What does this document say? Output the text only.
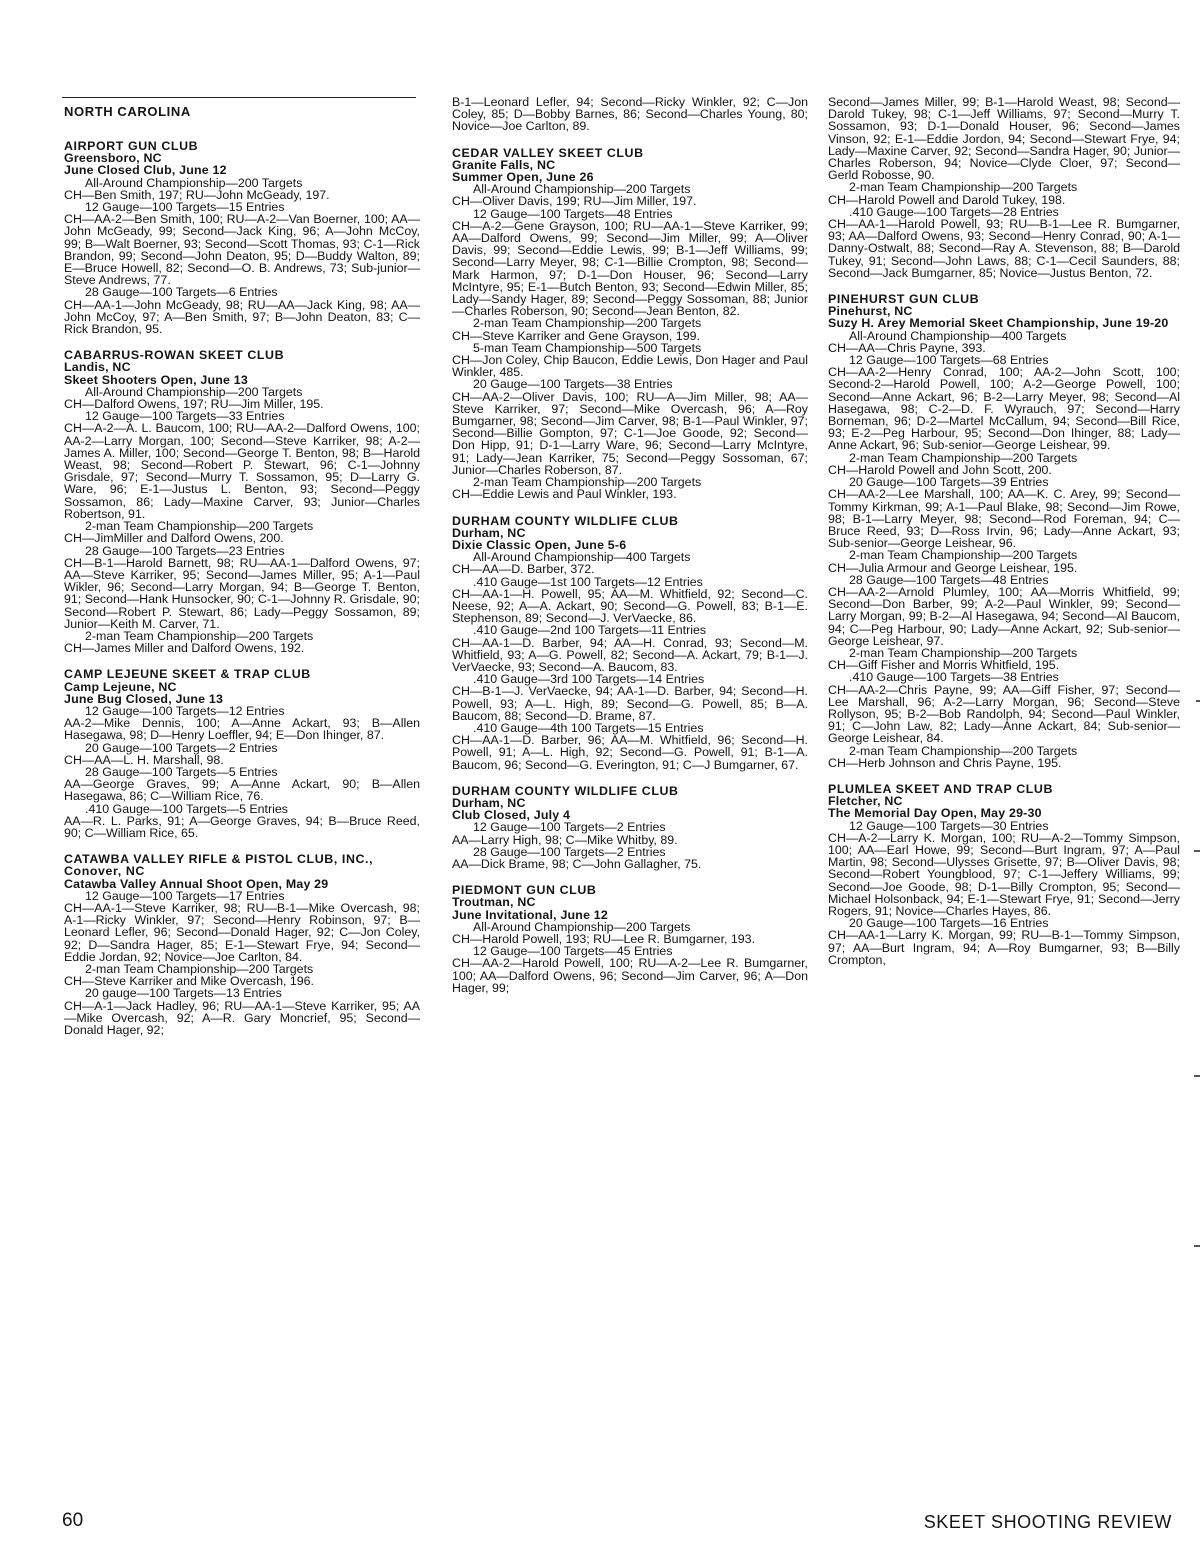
NORTH CAROLINA
AIRPORT GUN CLUB
Greensboro, NC
June Closed Club, June 12
All-Around Championship—200 Targets
CH—Ben Smith, 197; RU—John McGeady, 197.
12 Gauge—100 Targets—15 Entries
CH—AA-2—Ben Smith, 100; RU—A-2—Van Boerner, 100; AA—John McGeady, 99; Second—Jack King, 96; A—John McCoy, 99; B—Walt Boerner, 93; Second—Scott Thomas, 93; C-1—Rick Brandon, 99; Second—John Deaton, 95; D—Buddy Walton, 89; E—Bruce Howell, 82; Second—O. B. Andrews, 73; Sub-junior—Steve Andrews, 77.
28 Gauge—100 Targets—6 Entries
CH—AA-1—John McGeady, 98; RU—AA—Jack King, 98; AA—John McCoy, 97; A—Ben Smith, 97; B—John Deaton, 83; C—Rick Brandon, 95.
CABARRUS-ROWAN SKEET CLUB
Landis, NC
Skeet Shooters Open, June 13
All-Around Championship—200 Targets
CH—Dalford Owens, 197; RU—Jim Miller, 195.
12 Gauge—100 Targets—33 Entries
CH—A-2—A. L. Baucom, 100; RU—AA-2—Dalford Owens, 100; AA-2—Larry Morgan, 100; Second—Steve Karriker, 98; A-2—James A. Miller, 100; Second—George T. Benton, 98; B—Harold Weast, 98; Second—Robert P. Stewart, 96; C-1—Johnny Grisdale, 97; Second—Murry T. Sossamon, 95; D—Larry G. Ware, 96; E-1—Justus L. Benton, 93; Second—Peggy Sossamon, 86; Lady—Maxine Carver, 93; Junior—Charles Robertson, 91.
2-man Team Championship—200 Targets
CH—JimMiller and Dalford Owens, 200.
28 Gauge—100 Targets—23 Entries
CH—B-1—Harold Barnett, 98; RU—AA-1—Dalford Owens, 97; AA—Steve Karriker, 95; Second—James Miller, 95; A-1—Paul Wikler, 96; Second—Larry Morgan, 94; B—George T. Benton, 91; Second—Hank Hunsocker, 90; C-1—Johnny R. Grisdale, 90; Second—Robert P. Stewart, 86; Lady—Peggy Sossamon, 89; Junior—Keith M. Carver, 71.
2-man Team Championship—200 Targets
CH—James Miller and Dalford Owens, 192.
CAMP LEJEUNE SKEET & TRAP CLUB
Camp Lejeune, NC
June Bug Closed, June 13
12 Gauge—100 Targets—12 Entries
AA-2—Mike Dennis, 100; A—Anne Ackart, 93; B—Allen Hasegawa, 98; D—Henry Loeffler, 94; E—Don Ihinger, 87.
20 Gauge—100 Targets—2 Entries
CH—AA—L. H. Marshall, 98.
28 Gauge—100 Targets—5 Entries
AA—George Graves, 99; A—Anne Ackart, 90; B—Allen Hasegawa, 86; C—William Rice, 76.
.410 Gauge—100 Targets—5 Entries
AA—R. L. Parks, 91; A—George Graves, 94; B—Bruce Reed, 90; C—William Rice, 65.
CATAWBA VALLEY RIFLE & PISTOL CLUB, INC., Conover, NC
Catawba Valley Annual Shoot Open, May 29
12 Gauge—100 Targets—17 Entries
CH—AA-1—Steve Karriker, 98; RU—B-1—Mike Overcash, 98; A-1—Ricky Winkler, 97; Second—Henry Robinson, 97; B—Leonard Lefler, 96; Second—Donald Hager, 92; C—Jon Coley, 92; D—Sandra Hager, 85; E-1—Stewart Frye, 94; Second—Eddie Jordan, 92; Novice—Joe Carlton, 84.
2-man Team Championship—200 Targets
CH—Steve Karriker and Mike Overcash, 196.
20 gauge—100 Targets—13 Entries
CH—A-1—Jack Hadley, 96; RU—AA-1—Steve Karriker, 95; AA—Mike Overcash, 92; A—R. Gary Moncrief, 95; Second—Donald Hager, 92;
B-1—Leonard Lefler, 94; Second—Ricky Winkler, 92; C—Jon Coley, 85; D—Bobby Barnes, 86; Second—Charles Young, 80; Novice—Joe Carlton, 89.
CEDAR VALLEY SKEET CLUB
Granite Falls, NC
Summer Open, June 26
All-Around Championship—200 Targets
CH—Oliver Davis, 199; RU—Jim Miller, 197.
12 Gauge—100 Targets—48 Entries
CH—A-2—Gene Grayson, 100; RU—AA-1—Steve Karriker, 99; AA—Dalford Owens, 99; Second—Jim Miller, 99; A—Oliver Davis, 99; Second—Eddie Lewis, 99; B-1—Jeff Williams, 99; Second—Larry Meyer, 98; C-1—Billie Crompton, 98; Second—Mark Harmon, 97; D-1—Don Houser, 96; Second—Larry McIntyre, 95; E-1—Butch Benton, 93; Second—Edwin Miller, 85; Lady—Sandy Hager, 89; Second—Peggy Sossoman, 88; Junior—Charles Roberson, 90; Second—Jean Benton, 82.
2-man Team Championship—200 Targets
CH—Steve Karriker and Gene Grayson, 199.
5-man Team Championship—500 Targets
CH—Jon Coley, Chip Baucon, Eddie Lewis, Don Hager and Paul Winkler, 485.
20 Gauge—100 Targets—38 Entries
CH—AA-2—Oliver Davis, 100; RU—A—Jim Miller, 98; AA—Steve Karriker, 97; Second—Mike Overcash, 96; A—Roy Bumgarner, 98; Second—Jim Carver, 98; B-1—Paul Winkler, 97; Second—Billie Gompton, 97; C-1—Joe Goode, 92; Second—Don Hipp, 91; D-1—Larry Ware, 96; Second—Larry McIntyre, 91; Lady—Jean Karriker, 75; Second—Peggy Sossoman, 67; Junior—Charles Roberson, 87.
2-man Team Championship—200 Targets
CH—Eddie Lewis and Paul Winkler, 193.
DURHAM COUNTY WILDLIFE CLUB
Durham, NC
Dixie Classic Open, June 5-6
All-Around Championship—400 Targets
CH—AA—D. Barber, 372.
.410 Gauge—1st 100 Targets—12 Entries
CH—AA-1—H. Powell, 95; AA—M. Whitfield, 92; Second—C. Neese, 92; A—A. Ackart, 90; Second—G. Powell, 83; B-1—E. Stephenson, 89; Second—J. VerVaecke, 86.
.410 Gauge—2nd 100 Targets—11 Entries
CH—AA-1—D. Barber, 94; AA—H. Conrad, 93; Second—M. Whitfield, 93; A—G. Powell, 82; Second—A. Ackart, 79; B-1—J. VerVaecke, 93; Second—A. Baucom, 83.
.410 Gauge—3rd 100 Targets—14 Entries
CH—B-1—J. VerVaecke, 94; AA-1—D. Barber, 94; Second—H. Powell, 93; A—L. High, 89; Second—G. Powell, 85; B—A. Baucom, 88; Second—D. Brame, 87.
.410 Gauge—4th 100 Targets—15 Entries
CH—AA-1—D. Barber, 96; AA—M. Whitfield, 96; Second—H. Powell, 91; A—L. High, 92; Second—G. Powell, 91; B-1—A. Baucom, 96; Second—G. Everington, 91; C—J Bumgarner, 67.
DURHAM COUNTY WILDLIFE CLUB
Durham, NC
Club Closed, July 4
12 Gauge—100 Targets—2 Entries
AA—Larry High, 98; C—Mike Whitby, 89.
28 Gauge—100 Targets—2 Entries
AA—Dick Brame, 98; C—John Gallagher, 75.
PIEDMONT GUN CLUB
Troutman, NC
June Invitational, June 12
All-Around Championship—200 Targets
CH—Harold Powell, 193; RU—Lee R. Bumgarner, 193.
12 Gauge—100 Targets—45 Entries
CH—AA-2—Harold Powell, 100; RU—A-2—Lee R. Bumgarner, 100; AA—Dalford Owens, 96; Second—Jim Carver, 96; A—Don Hager, 99;
Second—James Miller, 99; B-1—Harold Weast, 98; Second—Darold Tukey, 98; C-1—Jeff Williams, 97; Second—Murry T. Sossamon, 93; D-1—Donald Houser, 96; Second—James Vinson, 92; E-1—Eddie Jordon, 94; Second—Stewart Frye, 94; Lady—Maxine Carver, 92; Second—Sandra Hager, 90; Junior—Charles Roberson, 94; Novice—Clyde Cloer, 97; Second—Gerld Robosse, 90.
2-man Team Championship—200 Targets
CH—Harold Powell and Darold Tukey, 198.
.410 Gauge—100 Targets—28 Entries
CH—AA-1—Harold Powell, 93; RU—B-1—Lee R. Bumgarner, 93; AA—Dalford Owens, 93; Second—Henry Conrad, 90; A-1—Danny-Ostwalt, 88; Second—Ray A. Stevenson, 88; B—Darold Tukey, 91; Second—John Laws, 88; C-1—Cecil Saunders, 88; Second—Jack Bumgarner, 85; Novice—Justus Benton, 72.
PINEHURST GUN CLUB
Pinehurst, NC
Suzy H. Arey Memorial Skeet Championship, June 19-20
All-Around Championship—400 Targets
CH—AA—Chris Payne, 393.
12 Gauge—100 Targets—68 Entries
CH—AA-2—Henry Conrad, 100; AA-2—John Scott, 100; Second-2—Harold Powell, 100; A-2—George Powell, 100; Second—Anne Ackart, 96; B-2—Larry Meyer, 98; Second—Al Hasegawa, 98; C-2—D. F. Wyrauch, 97; Second—Harry Borneman, 96; D-2—Martel McCallum, 94; Second—Bill Rice, 93; E-2—Peg Harbour, 95; Second—Don Ihinger, 88; Lady—Anne Ackart, 96; Sub-senior—George Leishear, 99.
2-man Team Championship—200 Targets
CH—Harold Powell and John Scott, 200.
20 Gauge—100 Targets—39 Entries
CH—AA-2—Lee Marshall, 100; AA—K. C. Arey, 99; Second—Tommy Kirkman, 99; A-1—Paul Blake, 98; Second—Jim Rowe, 98; B-1—Larry Meyer, 98; Second—Rod Foreman, 94; C—Bruce Reed, 93; D—Ross Irvin, 96; Lady—Anne Ackart, 93; Sub-senior—George Leishear, 96.
2-man Team Championship—200 Targets
CH—Julia Armour and George Leishear, 195.
28 Gauge—100 Targets—48 Entries
CH—AA-2—Arnold Plumley, 100; AA—Morris Whitfield, 99; Second—Don Barber, 99; A-2—Paul Winkler, 99; Second—Larry Morgan, 99; B-2—Al Hasegawa, 94; Second—Al Baucom, 94; C—Peg Harbour, 90; Lady—Anne Ackart, 92; Sub-senior—George Leishear, 97.
2-man Team Championship—200 Targets
CH—Giff Fisher and Morris Whitfield, 195.
.410 Gauge—100 Targets—38 Entries
CH—AA-2—Chris Payne, 99; AA—Giff Fisher, 97; Second—Lee Marshall, 96; A-2—Larry Morgan, 96; Second—Steve Rollyson, 95; B-2—Bob Randolph, 94; Second—Paul Winkler, 91; C—John Law, 82; Lady—Anne Ackart, 84; Sub-senior—George Leishear, 84.
2-man Team Championship—200 Targets
CH—Herb Johnson and Chris Payne, 195.
PLUMLEA SKEET AND TRAP CLUB
Fletcher, NC
The Memorial Day Open, May 29-30
12 Gauge—100 Targets—30 Entries
CH—A-2—Larry K. Morgan, 100; RU—A-2—Tommy Simpson, 100; AA—Earl Howe, 99; Second—Burt Ingram, 97; A—Paul Martin, 98; Second—Ulysses Grisette, 97; B—Oliver Davis, 98; Second—Robert Youngblood, 97; C-1—Jeffery Williams, 99; Second—Joe Goode, 98; D-1—Billy Crompton, 95; Second—Michael Holsonback, 94; E-1—Stewart Frye, 91; Second—Jerry Rogers, 91; Novice—Charles Hayes, 86.
20 Gauge—100 Targets—16 Entries
CH—AA-1—Larry K. Morgan, 99; RU—B-1—Tommy Simpson, 97; AA—Burt Ingram, 94; A—Roy Bumgarner, 93; B—Billy Crompton,
60	SKEET SHOOTING REVIEW
